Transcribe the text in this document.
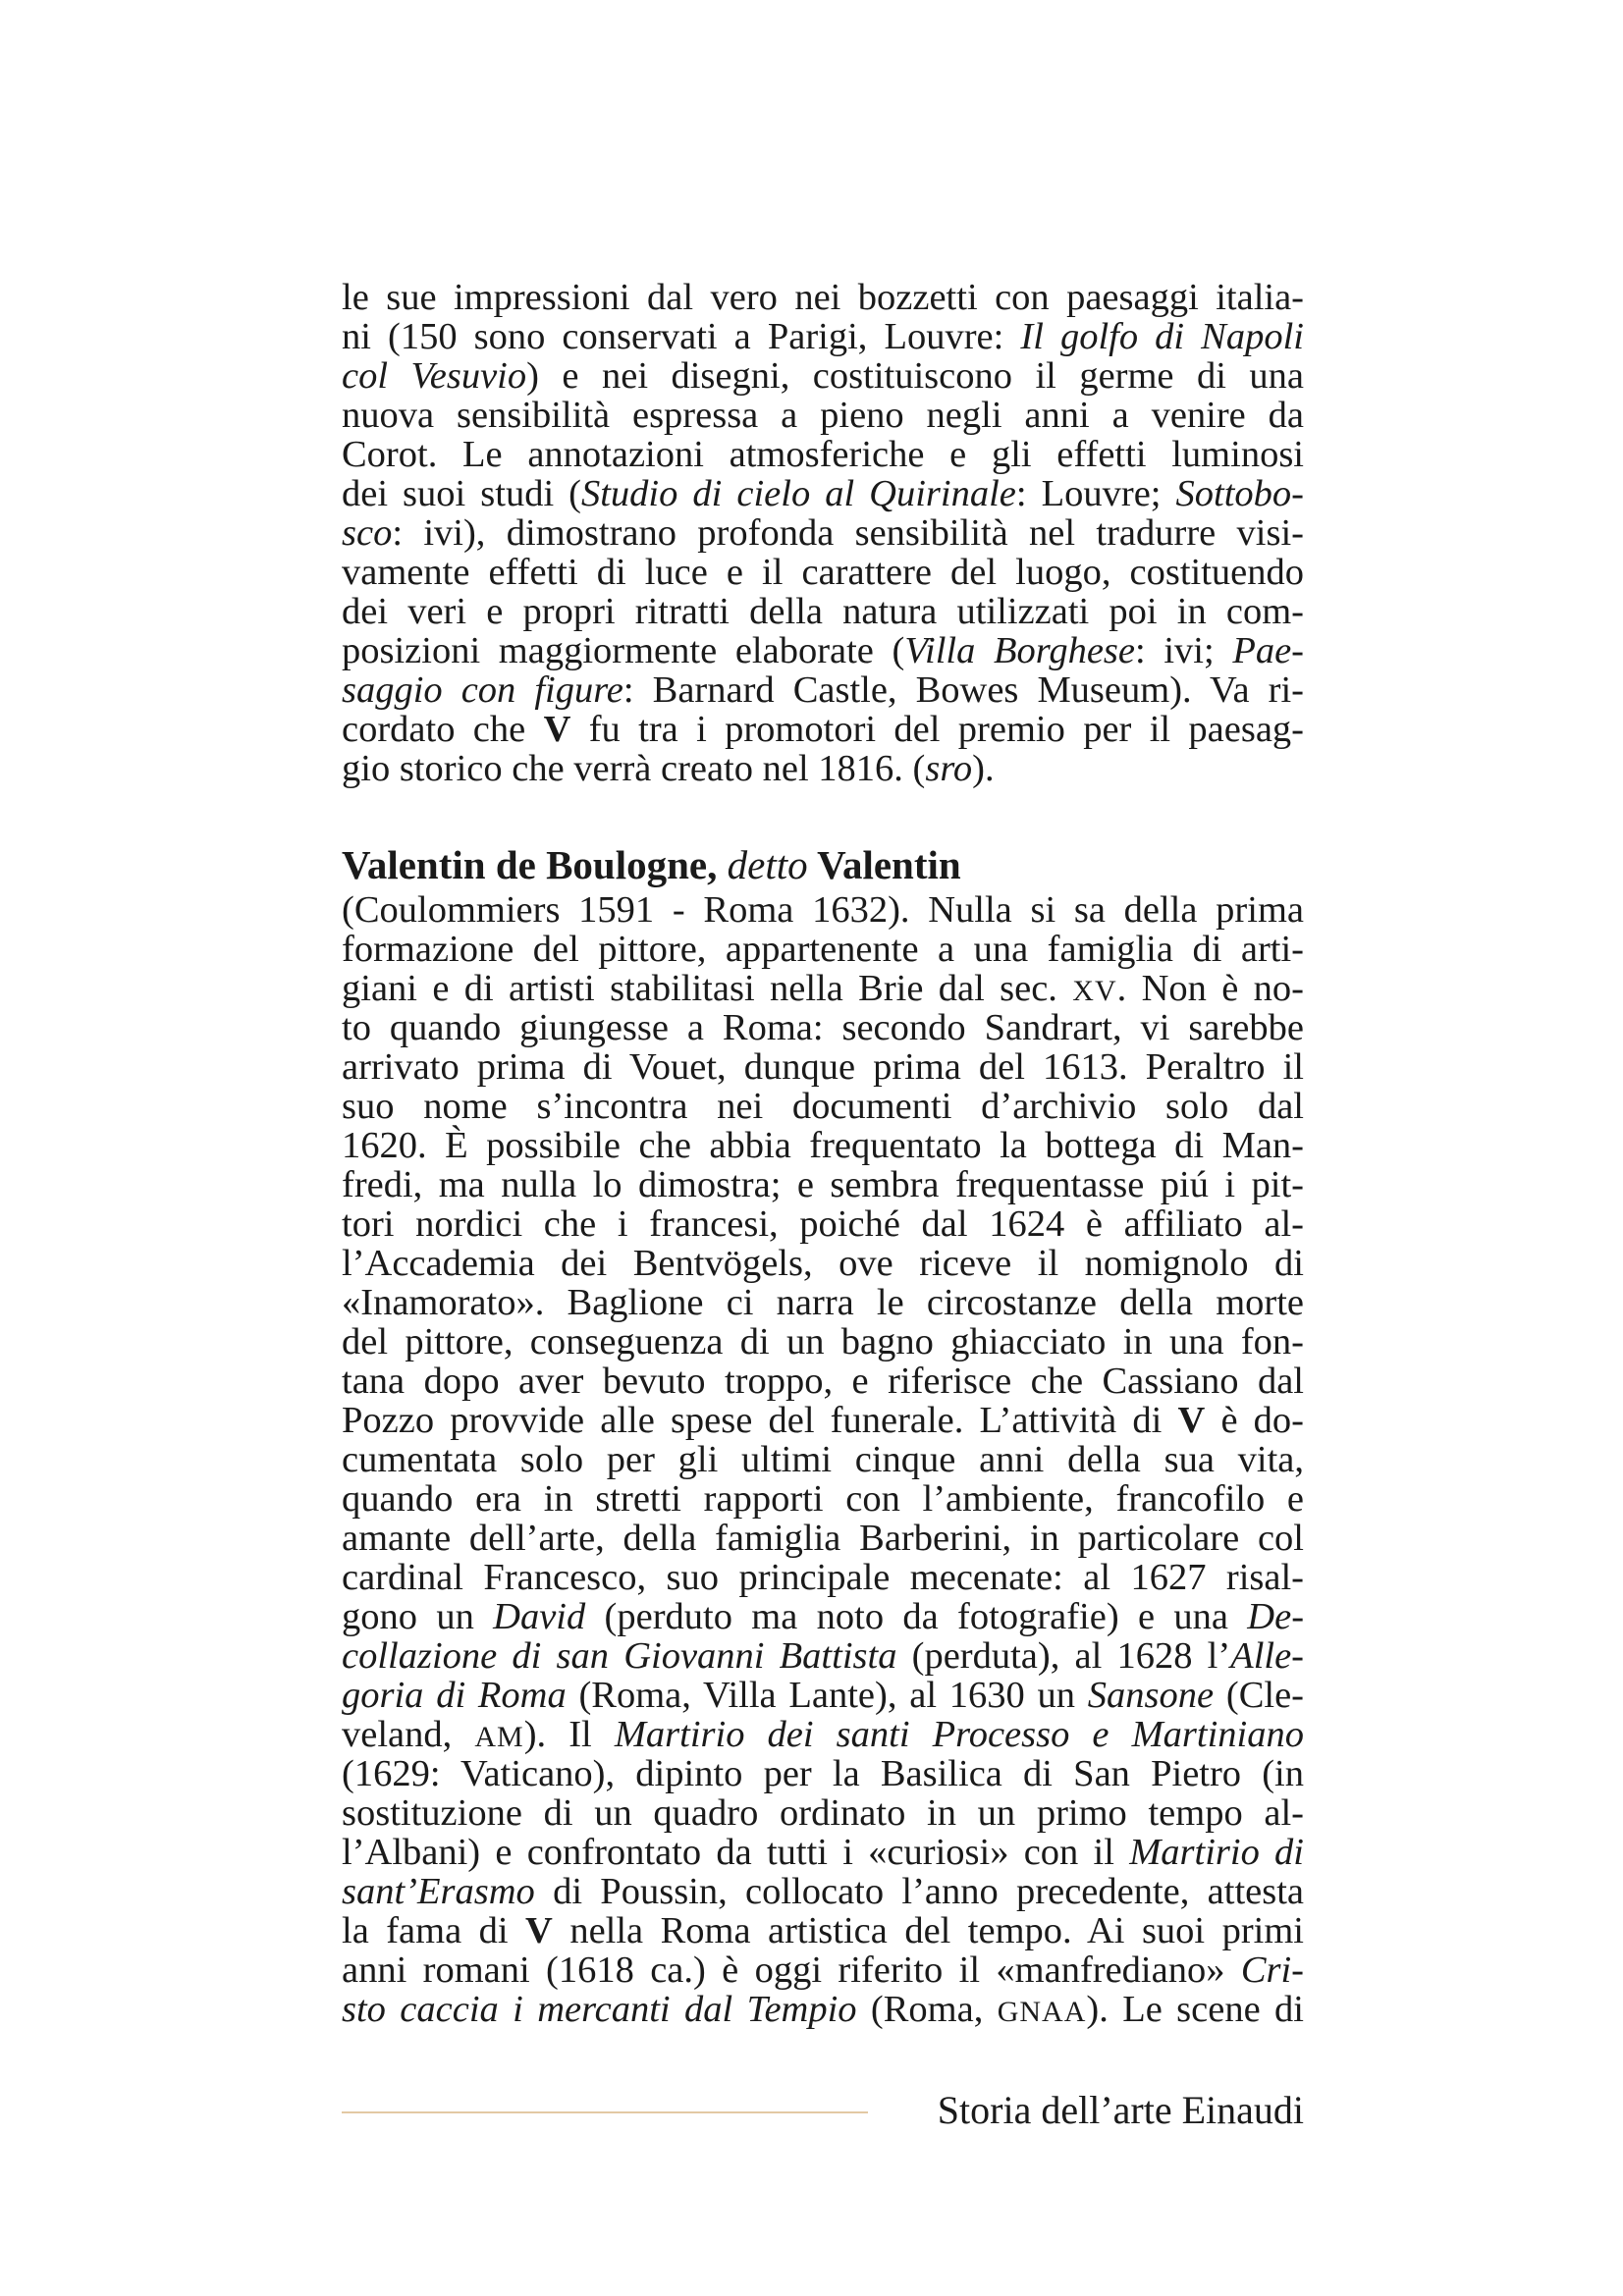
le sue impressioni dal vero nei bozzetti con paesaggi italia-
ni (150 sono conservati a Parigi, Louvre: Il golfo di Napoli
col Vesuvio) e nei disegni, costituiscono il germe di una
nuova sensibilità espressa a pieno negli anni a venire da
Corot. Le annotazioni atmosferiche e gli effetti luminosi
dei suoi studi (Studio di cielo al Quirinale: Louvre; Sottobo-
sco: ivi), dimostrano profonda sensibilità nel tradurre visi-
vamente effetti di luce e il carattere del luogo, costituendo
dei veri e propri ritratti della natura utilizzati poi in com-
posizioni maggiormente elaborate (Villa Borghese: ivi; Pae-
saggio con figure: Barnard Castle, Bowes Museum). Va ri-
cordato che V fu tra i promotori del premio per il paesag-
gio storico che verrà creato nel 1816. (sro).
Valentin de Boulogne, detto Valentin
(Coulommiers 1591 - Roma 1632). Nulla si sa della prima
formazione del pittore, appartenente a una famiglia di arti-
giani e di artisti stabilitasi nella Brie dal sec. XV. Non è no-
to quando giungesse a Roma: secondo Sandrart, vi sarebbe
arrivato prima di Vouet, dunque prima del 1613. Peraltro il
suo nome s’incontra nei documenti d’archivio solo dal
1620. È possibile che abbia frequentato la bottega di Man-
fredi, ma nulla lo dimostra; e sembra frequentasse piú i pit-
tori nordici che i francesi, poiché dal 1624 è affiliato al-
l’Accademia dei Bentvögels, ove riceve il nomignolo di
«Inamorato». Baglione ci narra le circostanze della morte
del pittore, conseguenza di un bagno ghiacciato in una fon-
tana dopo aver bevuto troppo, e riferisce che Cassiano dal
Pozzo provvide alle spese del funerale. L’attività di V è do-
cumentata solo per gli ultimi cinque anni della sua vita,
quando era in stretti rapporti con l’ambiente, francofilo e
amante dell’arte, della famiglia Barberini, in particolare col
cardinal Francesco, suo principale mecenate: al 1627 risal-
gono un David (perduto ma noto da fotografie) e una De-
collazione di san Giovanni Battista (perduta), al 1628 l’Alle-
goria di Roma (Roma, Villa Lante), al 1630 un Sansone (Cle-
veland, AM). Il Martirio dei santi Processo e Martiniano
(1629: Vaticano), dipinto per la Basilica di San Pietro (in
sostituzione di un quadro ordinato in un primo tempo al-
l’Albani) e confrontato da tutti i «curiosi» con il Martirio di
sant’Erasmo di Poussin, collocato l’anno precedente, attesta
la fama di V nella Roma artistica del tempo. Ai suoi primi
anni romani (1618 ca.) è oggi riferito il «manfrediano» Cri-
sto caccia i mercanti dal Tempio (Roma, GNAA). Le scene di
Storia dell’arte Einaudi
